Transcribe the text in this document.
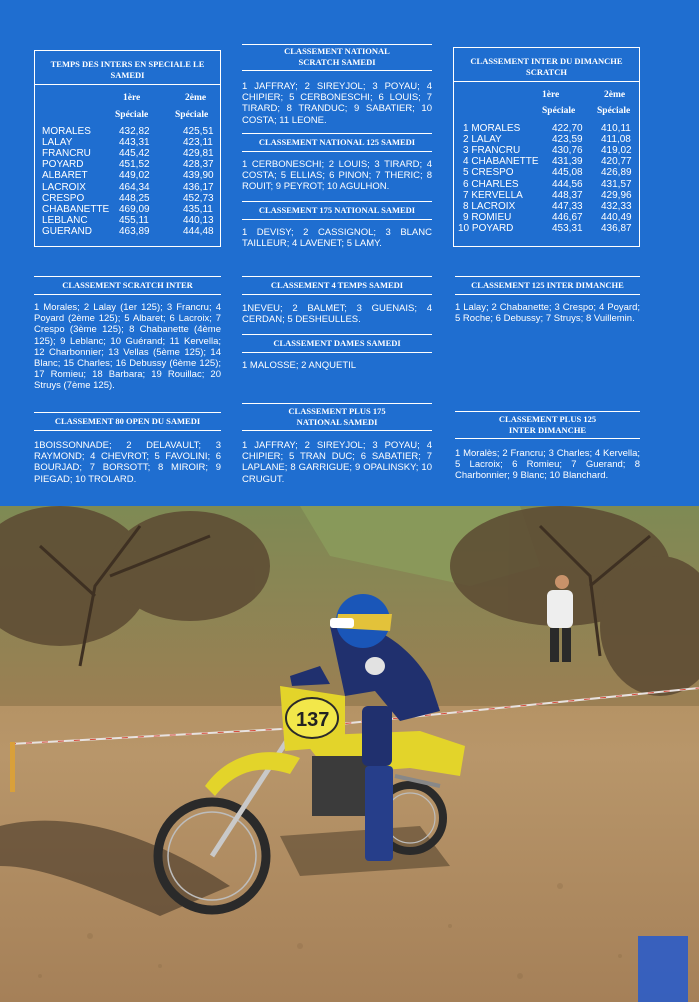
TEMPS DES INTERS EN SPECIALE LE SAMEDI
1ère	2ème
Spéciale	Spéciale
MORALES	432,82	425,51
LALAY	443,31	423,11
FRANCRU	445,42	429,81
POYARD	451,52	428,37
ALBARET	449,02	439,90
LACROIX	464,34	436,17
CRESPO	448,25	452,73
CHABANETTE 469,09	435,11
LEBLANC	455,11	440,13
GUERAND	463,89	444,48
CLASSEMENT INTER DU DIMANCHE SCRATCH
1ère	2ème
Spéciale Spéciale
1 MORALES	422,70 410,11
2 LALAY	423,59 411,08
3 FRANCRU	430,76 419,02
4 CHABANETTE 431,39 420,77
5 CRESPO	445,08 426,89
6 CHARLES	444,56 431,57
7 KERVELLA	448,37 429,96
8 LACROIX	447,33 432,33
9 ROMIEU	446,67 440,49
10 POYARD	453,31 436,87
CLASSEMENT NATIONAL SCRATCH SAMEDI
1 JAFFRAY; 2 SIREYJOL; 3 POYAU; 4 CHIPIER; 5 CERBONESCHI; 6 LOUIS; 7 TIRARD; 8 TRANDUC; 9 SABATIER; 10 COSTA; 11 LEONE.
CLASSEMENT NATIONAL 125 SAMEDI
1 CERBONESCHI; 2 LOUIS; 3 TIRARD; 4 COSTA; 5 ELLIAS; 6 PINON; 7 THERIC; 8 ROUIT; 9 PEYROT; 10 AGULHON.
CLASSEMENT 175 NATIONAL SAMEDI
1 DEVISY; 2 CASSIGNOL; 3 BLANC TAILLEUR; 4 LAVENET; 5 LAMY.
CLASSEMENT 4 TEMPS SAMEDI
1NEVEU; 2 BALMET; 3 GUENAIS; 4 CERDAN; 5 DESHEULLES.
CLASSEMENT DAMES SAMEDI
1 MALOSSE; 2 ANQUETIL
CLASSEMENT PLUS 175 NATIONAL SAMEDI
1 JAFFRAY; 2 SIREYJOL; 3 POYAU; 4 CHIPIER; 5 TRAN DUC; 6 SABATIER; 7 LAPLANE; 8 GARRIGUE; 9 OPALINSKY; 10 CRUGUT.
CLASSEMENT SCRATCH INTER
1 Morales; 2 Lalay (1er 125); 3 Francru; 4 Poyard (2ème 125); 5 Albaret; 6 Lacroix; 7 Crespo (3ème 125); 8 Chabanette (4ème 125); 9 Leblanc; 10 Guérand; 11 Kervella; 12 Charbonnier; 13 Vellas (5ème 125); 14 Blanc; 15 Charles; 16 Debussy (6ème 125); 17 Romieu; 18 Barbara; 19 Rouillac; 20 Struys (7ème 125).
CLASSEMENT 80 OPEN DU SAMEDI
1BOISSONNADE; 2 DELAVAULT; 3 RAYMOND; 4 CHEVROT; 5 FAVOLINI; 6 BOURJAD; 7 BORSOTT; 8 MIROIR; 9 PIEGAD; 10 TROLARD.
CLASSEMENT 125 INTER DIMANCHE
1 Lalay; 2 Chabanette; 3 Crespo; 4 Poyard; 5 Roche; 6 Debussy; 7 Struys; 8 Vuillemin.
CLASSEMENT PLUS 125 INTER DIMANCHE
1 Moralès; 2 Francru; 3 Charles; 4 Kervella; 5 Lacroix; 6 Romieu; 7 Guerand; 8 Charbonnier; 9 Blanc; 10 Blanchard.
137
